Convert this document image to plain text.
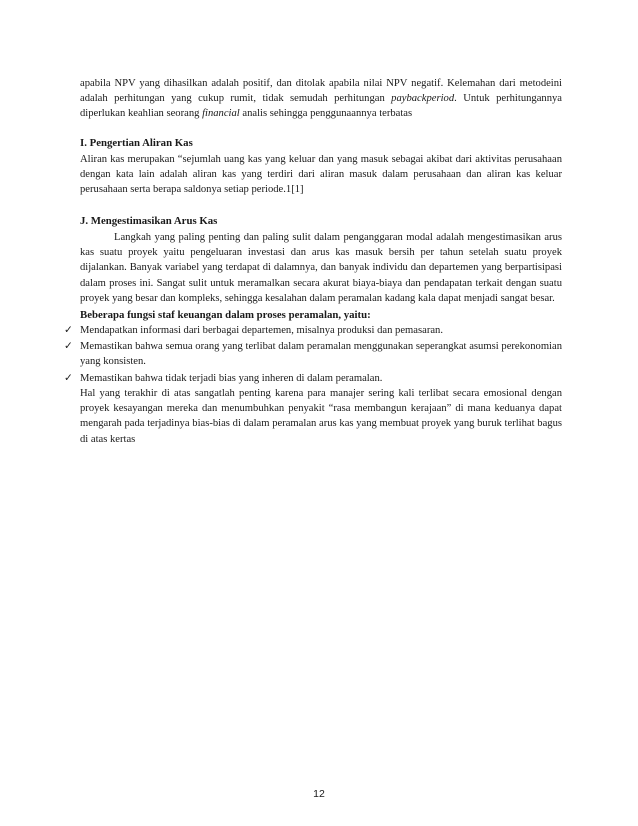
apabila NPV yang dihasilkan adalah positif, dan ditolak apabila nilai NPV negatif. Kelemahan dari metodeini adalah perhitungan yang cukup rumit, tidak semudah perhitungan paybackperiod. Untuk perhitungannya diperlukan keahlian seorang financial analis sehingga penggunaannya terbatas

I. Pengertian Aliran Kas

Aliran kas merupakan “sejumlah uang kas yang keluar dan yang masuk sebagai akibat dari aktivitas perusahaan dengan kata lain adalah aliran kas yang terdiri dari aliran masuk dalam perusahaan dan aliran kas keluar perusahaan serta berapa saldonya setiap periode.1[1]

J. Mengestimasikan Arus Kas

Langkah yang paling penting dan paling sulit dalam penganggaran modal adalah mengestimasikan arus kas suatu proyek yaitu pengeluaran investasi dan arus kas masuk bersih per tahun setelah suatu proyek dijalankan. Banyak variabel yang terdapat di dalamnya, dan banyak individu dan departemen yang berpartisipasi dalam proses ini. Sangat sulit untuk meramalkan secara akurat biaya-biaya dan pendapatan terkait dengan suatu proyek yang besar dan kompleks, sehingga kesalahan dalam peramalan kadang kala dapat menjadi sangat besar.

Beberapa fungsi staf keuangan dalam proses peramalan, yaitu:

✓ Mendapatkan informasi dari berbagai departemen, misalnya produksi dan pemasaran.

✓ Memastikan bahwa semua orang yang terlibat dalam peramalan menggunakan seperangkat asumsi perekonomian yang konsisten.

✓ Memastikan bahwa tidak terjadi bias yang inheren di dalam peramalan.

Hal yang terakhir di atas sangatlah penting karena para manajer sering kali terlibat secara emosional dengan proyek kesayangan mereka dan menumbuhkan penyakit “rasa membangun kerajaan” di mana keduanya dapat mengarah pada terjadinya bias-bias di dalam peramalan arus kas yang membuat proyek yang buruk terlihat bagus di atas kertas

12
